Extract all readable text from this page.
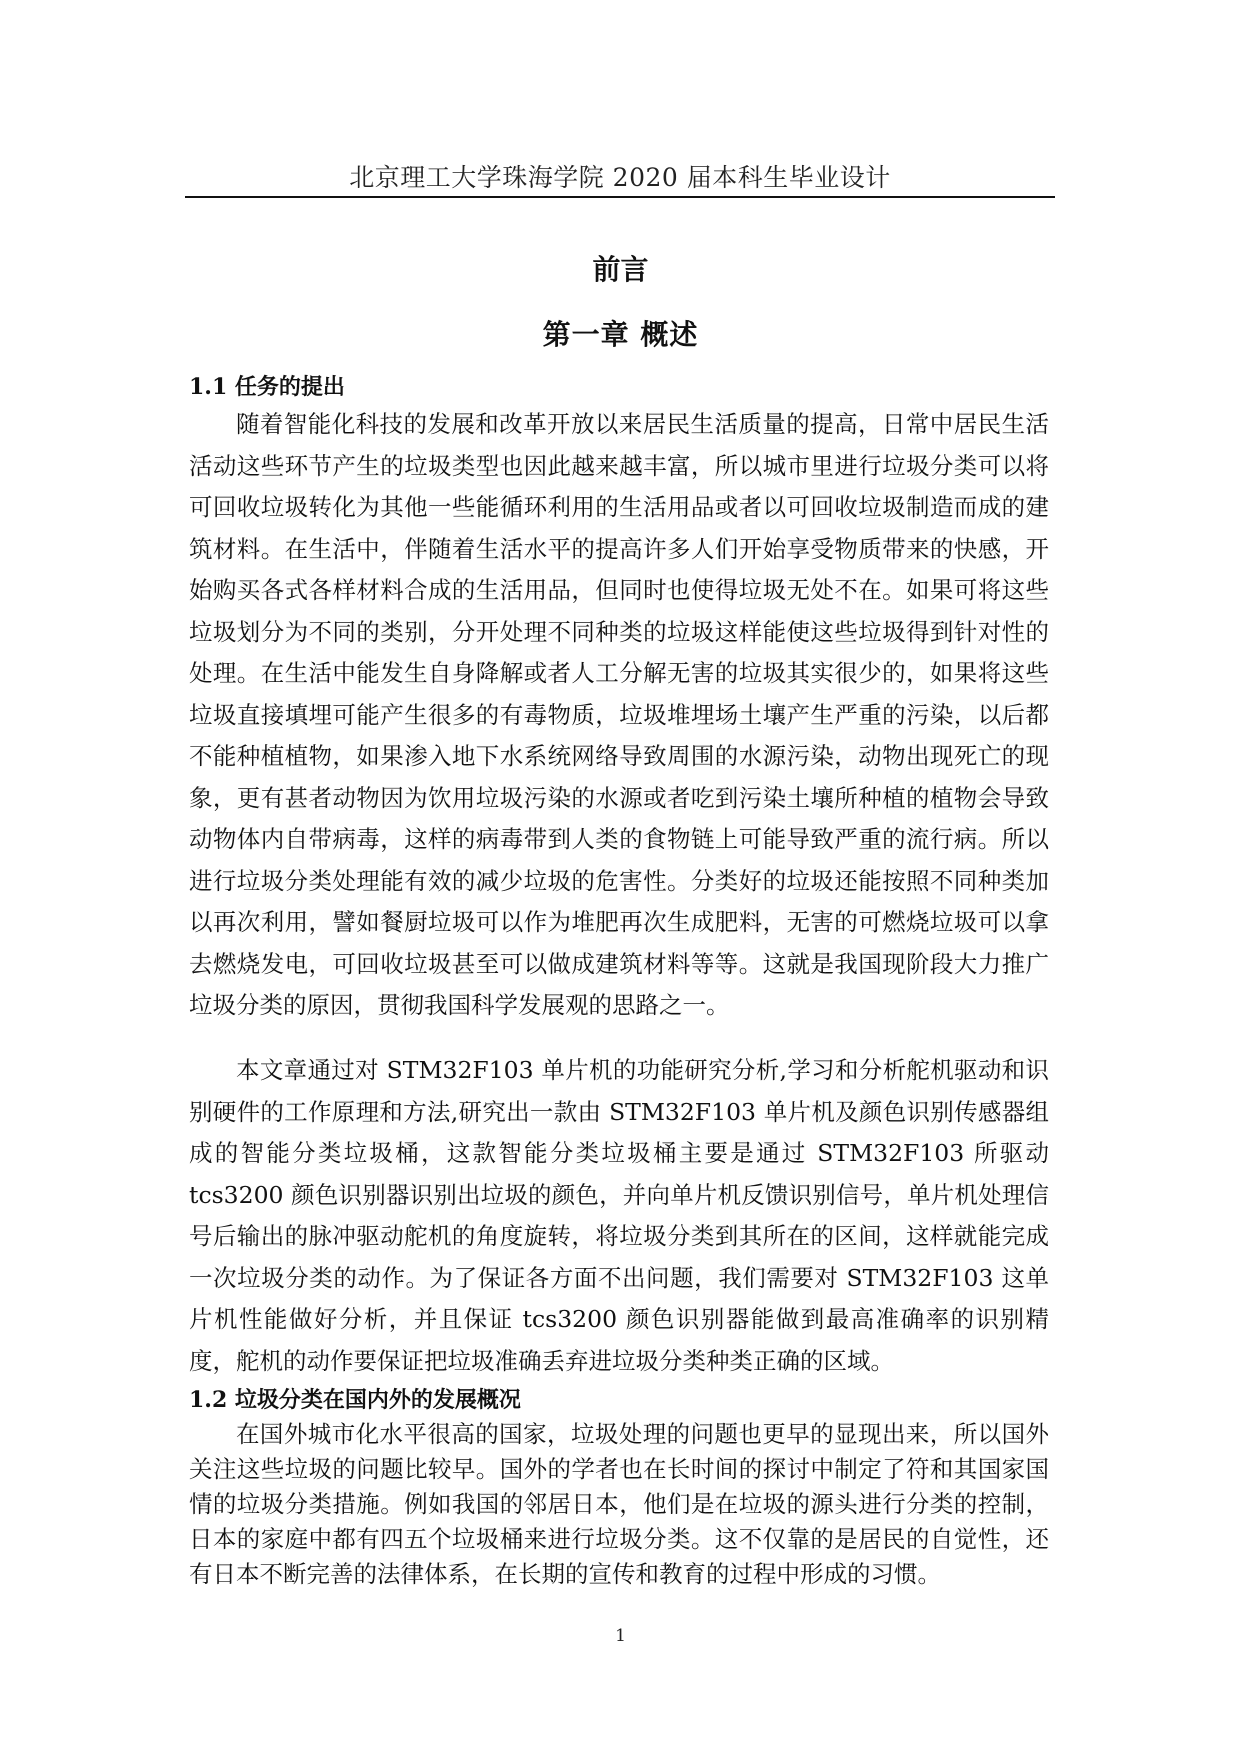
北京理工大学珠海学院 2020 届本科生毕业设计
前言
第一章 概述
1.1 任务的提出

随着智能化科技的发展和改革开放以来居民生活质量的提高，日常中居民生活活动这些环节产生的垃圾类型也因此越来越丰富，所以城市里进行垃圾分类可以将可回收垃圾转化为其他一些能循环利用的生活用品或者以可回收垃圾制造而成的建筑材料。在生活中，伴随着生活水平的提高许多人们开始享受物质带来的快感，开始购买各式各样材料合成的生活用品，但同时也使得垃圾无处不在。如果可将这些垃圾划分为不同的类别，分开处理不同种类的垃圾这样能使这些垃圾得到针对性的处理。在生活中能发生自身降解或者人工分解无害的垃圾其实很少的，如果将这些垃圾直接填埋可能产生很多的有毒物质，垃圾堆埋场土壤产生严重的污染，以后都不能种植植物，如果渗入地下水系统网络导致周围的水源污染，动物出现死亡的现象，更有甚者动物因为饮用垃圾污染的水源或者吃到污染土壤所种植的植物会导致动物体内自带病毒，这样的病毒带到人类的食物链上可能导致严重的流行病。所以进行垃圾分类处理能有效的减少垃圾的危害性。分类好的垃圾还能按照不同种类加以再次利用，譬如餐厨垃圾可以作为堆肥再次生成肥料，无害的可燃烧垃圾可以拿去燃烧发电，可回收垃圾甚至可以做成建筑材料等等。这就是我国现阶段大力推广垃圾分类的原因，贯彻我国科学发展观的思路之一。

本文章通过对 STM32F103 单片机的功能研究分析,学习和分析舵机驱动和识别硬件的工作原理和方法,研究出一款由 STM32F103 单片机及颜色识别传感器组成的智能分类垃圾桶，这款智能分类垃圾桶主要是通过 STM32F103 所驱动 tcs3200 颜色识别器识别出垃圾的颜色，并向单片机反馈识别信号，单片机处理信号后输出的脉冲驱动舵机的角度旋转，将垃圾分类到其所在的区间，这样就能完成一次垃圾分类的动作。为了保证各方面不出问题，我们需要对 STM32F103 这单片机性能做好分析，并且保证 tcs3200 颜色识别器能做到最高准确率的识别精度，舵机的动作要保证把垃圾准确丢弃进垃圾分类种类正确的区域。

1.2 垃圾分类在国内外的发展概况

在国外城市化水平很高的国家，垃圾处理的问题也更早的显现出来，所以国外关注这些垃圾的问题比较早。国外的学者也在长时间的探讨中制定了符和其国家国情的垃圾分类措施。例如我国的邻居日本，他们是在垃圾的源头进行分类的控制，日本的家庭中都有四五个垃圾桶来进行垃圾分类。这不仅靠的是居民的自觉性，还有日本不断完善的法律体系，在长期的宣传和教育的过程中形成的习惯。

1
